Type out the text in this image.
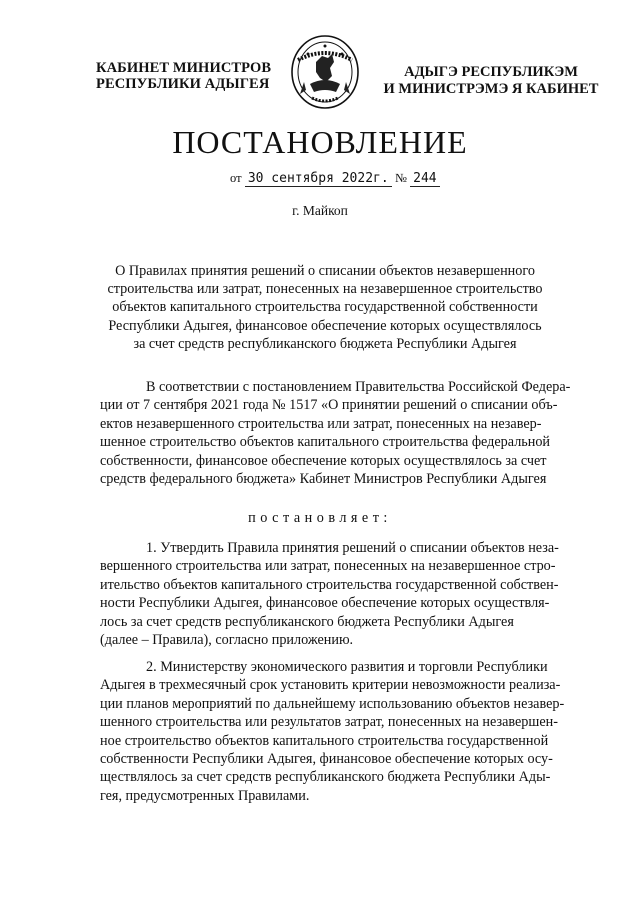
КАБИНЕТ МИНИСТРОВ
РЕСПУБЛИКИ АДЫГЕЯ
АДЫГЭ РЕСПУБЛИКЭМ
И МИНИСТРЭМЭ Я КАБИНЕТ
ПОСТАНОВЛЕНИЕ
от 30 сентября 2022г. № 244
г. Майкоп
О Правилах принятия решений о списании объектов незавершенного
строительства или затрат, понесенных на незавершенное строительство
объектов капитального строительства государственной собственности
Республики Адыгея, финансовое обеспечение которых осуществлялось
за счет средств республиканского бюджета Республики Адыгея
В соответствии с постановлением Правительства Российской Федера-
ции от 7 сентября 2021 года № 1517 «О принятии решений о списании объ-
ектов незавершенного строительства или затрат, понесенных на незавер-
шенное строительство объектов капитального строительства федеральной
собственности, финансовое обеспечение которых осуществлялось за счет
средств федерального бюджета» Кабинет Министров Республики Адыгея
постановляет:
1. Утвердить Правила принятия решений о списании объектов неза-
вершенного строительства или затрат, понесенных на незавершенное стро-
ительство объектов капитального строительства государственной собствен-
ности Республики Адыгея, финансовое обеспечение которых осуществля-
лось за счет средств республиканского бюджета Республики Адыгея
(далее – Правила), согласно приложению.
2. Министерству экономического развития и торговли Республики
Адыгея в трехмесячный срок установить критерии невозможности реализа-
ции планов мероприятий по дальнейшему использованию объектов незавер-
шенного строительства или результатов затрат, понесенных на незавершен-
ное строительство объектов капитального строительства государственной
собственности Республики Адыгея, финансовое обеспечение которых осу-
ществлялось за счет средств республиканского бюджета Республики Ады-
гея, предусмотренных Правилами.
